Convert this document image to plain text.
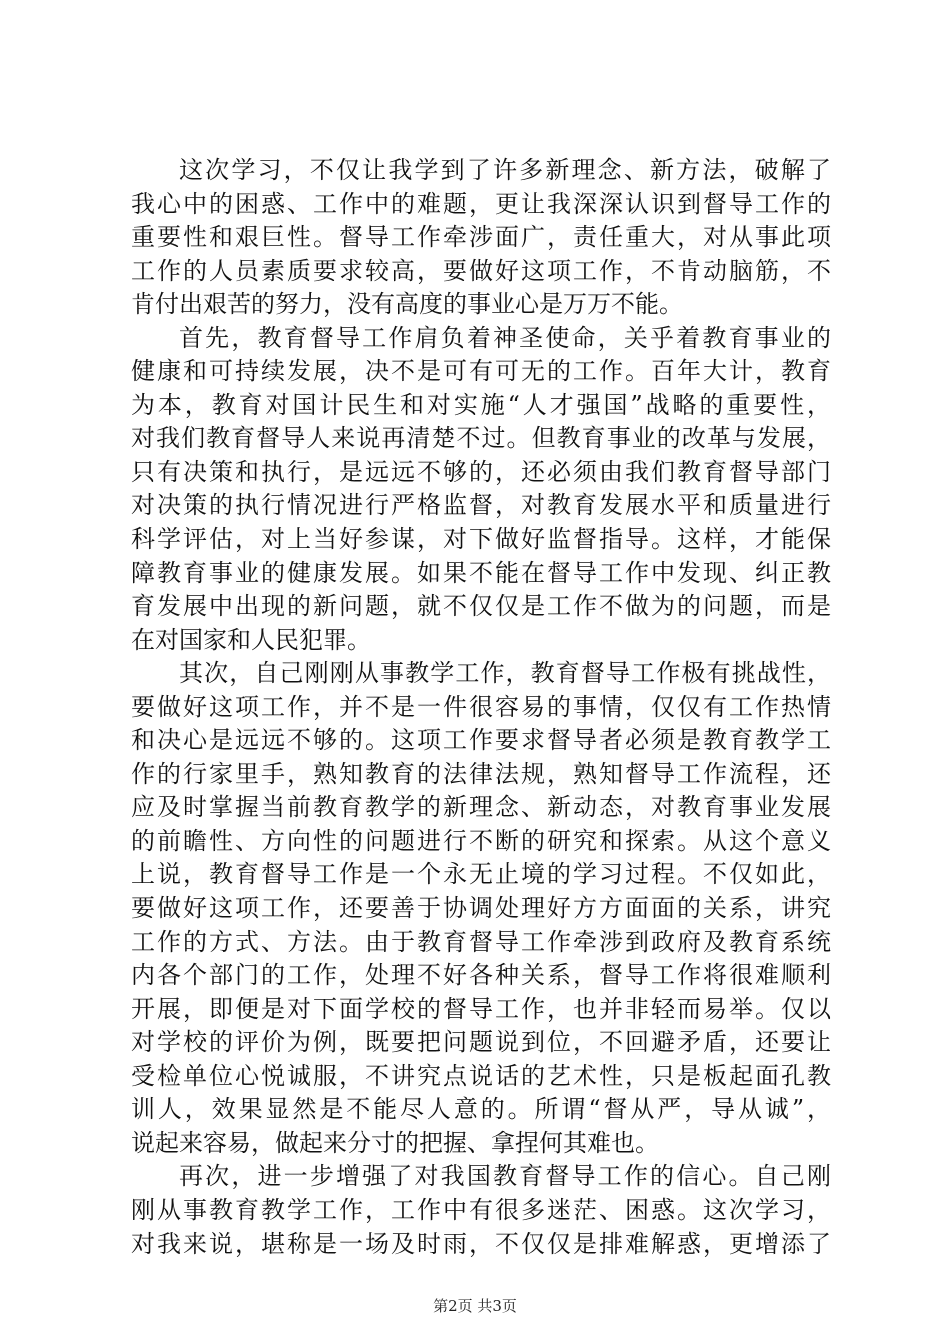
这次学习，不仅让我学到了许多新理念、新方法，破解了
我心中的困惑、工作中的难题，更让我深深认识到督导工作的
重要性和艰巨性。督导工作牵涉面广，责任重大，对从事此项
工作的人员素质要求较高，要做好这项工作，不肯动脑筋，不
肯付出艰苦的努力，没有高度的事业心是万万不能。
首先，教育督导工作肩负着神圣使命，关乎着教育事业的
健康和可持续发展，决不是可有可无的工作。百年大计，教育
为本，教育对国计民生和对实施“人才强国”战略的重要性，
对我们教育督导人来说再清楚不过。但教育事业的改革与发展，
只有决策和执行，是远远不够的，还必须由我们教育督导部门
对决策的执行情况进行严格监督，对教育发展水平和质量进行
科学评估，对上当好参谋，对下做好监督指导。这样，才能保
障教育事业的健康发展。如果不能在督导工作中发现、纠正教
育发展中出现的新问题，就不仅仅是工作不做为的问题，而是
在对国家和人民犯罪。
其次，自己刚刚从事教学工作，教育督导工作极有挑战性，
要做好这项工作，并不是一件很容易的事情，仅仅有工作热情
和决心是远远不够的。这项工作要求督导者必须是教育教学工
作的行家里手，熟知教育的法律法规，熟知督导工作流程，还
应及时掌握当前教育教学的新理念、新动态，对教育事业发展
的前瞻性、方向性的问题进行不断的研究和探索。从这个意义
上说，教育督导工作是一个永无止境的学习过程。不仅如此，
要做好这项工作，还要善于协调处理好方方面面的关系，讲究
工作的方式、方法。由于教育督导工作牵涉到政府及教育系统
内各个部门的工作，处理不好各种关系，督导工作将很难顺利
开展，即便是对下面学校的督导工作，也并非轻而易举。仅以
对学校的评价为例，既要把问题说到位，不回避矛盾，还要让
受检单位心悦诚服，不讲究点说话的艺术性，只是板起面孔教
训人，效果显然是不能尽人意的。所谓“督从严，导从诚”，
说起来容易，做起来分寸的把握、拿捏何其难也。
再次，进一步增强了对我国教育督导工作的信心。自己刚
刚从事教育教学工作，工作中有很多迷茫、困惑。这次学习，
对我来说，堪称是一场及时雨，不仅仅是排难解惑，更增添了
第2页 共3页
